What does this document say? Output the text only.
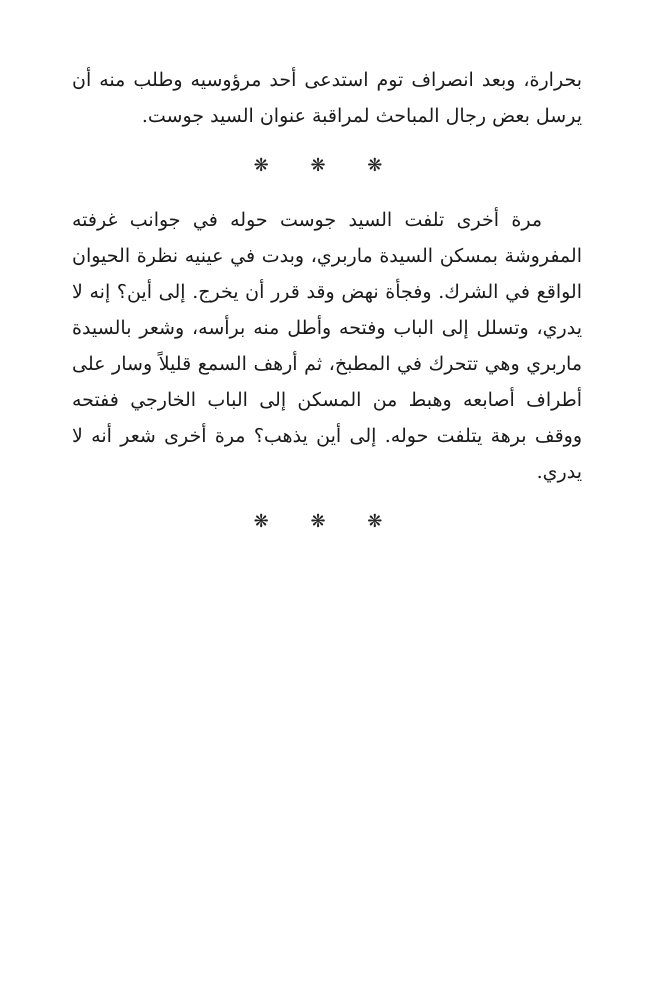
بحرارة، وبعد انصراف توم استدعى أحد مرؤوسيه وطلب منه أن يرسل بعض رجال المباحث لمراقبة عنوان السيد جوست.

❋ ❋ ❋

مرة أخرى تلفت السيد جوست حوله في جوانب غرفته المفروشة بمسكن السيدة ماربري، وبدت في عينيه نظرة الحيوان الواقع في الشرك. وفجأة نهض وقد قرر أن يخرج. إلى أين؟ إنه لا يدري، وتسلل إلى الباب وفتحه وأطل منه برأسه، وشعر بالسيدة ماربري وهي تتحرك في المطبخ، ثم أرهف السمع قليلاً وسار على أطراف أصابعه وهبط من المسكن إلى الباب الخارجي ففتحه ووقف برهة يتلفت حوله. إلى أين يذهب؟ مرة أخرى شعر أنه لا يدري.

❋ ❋ ❋
